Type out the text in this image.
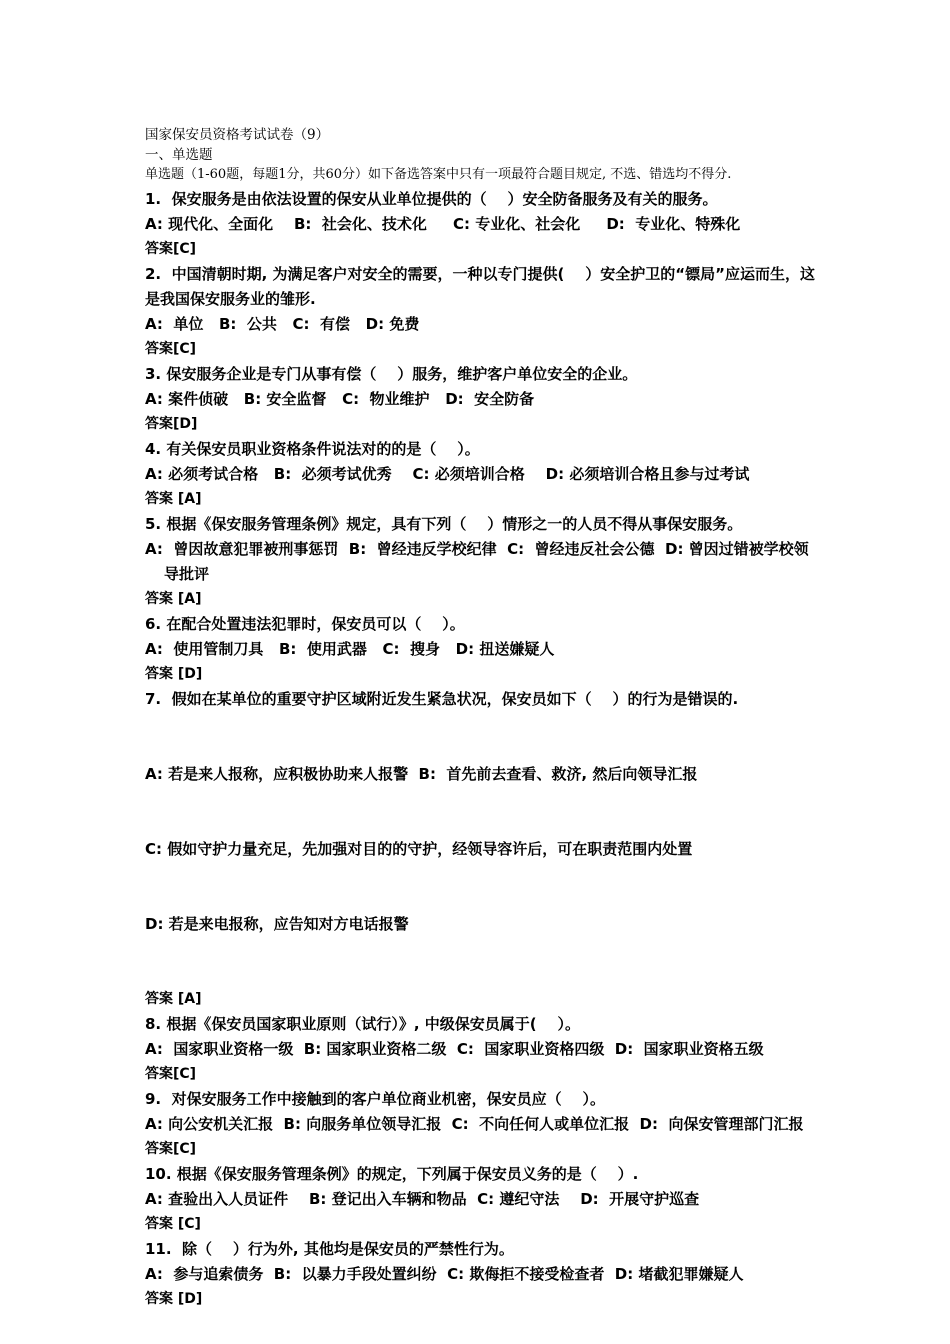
国家保安员资格考试试卷（9）

一、单选题

单选题（1-60题，每题1分，共60分）如下备选答案中只有一项最符合题目规定, 不选、错选均不得分.

1.  保安服务是由依法设置的保安从业单位提供的（    ）安全防备服务及有关的服务。

A: 现代化、全面化    B:  社会化、技术化     C: 专业化、社会化     D:  专业化、特殊化

答案[C]

2.  中国清朝时期, 为满足客户对安全的需要，一种以专门提供(    ）安全护卫的“镖局”应运而生，这是我国保安服务业的雏形.

A:  单位   B:  公共   C:  有偿   D: 免费

答案[C]

3. 保安服务企业是专门从事有偿（    ）服务，维护客户单位安全的企业。

A: 案件侦破   B: 安全监督   C:  物业维护   D:  安全防备

答案[D]

4. 有关保安员职业资格条件说法对的的是（    ）。

A: 必须考试合格   B:  必须考试优秀    C: 必须培训合格    D: 必须培训合格且参与过考试

答案 [A]

5. 根据《保安服务管理条例》规定，具有下列（    ）情形之一的人员不得从事保安服务。

A:  曾因故意犯罪被刑事惩罚  B:  曾经违反学校纪律  C:  曾经违反社会公德  D: 曾因过错被学校领导批评

答案 [A]

6. 在配合处置违法犯罪时，保安员可以（    ）。

A:  使用管制刀具   B:  使用武器   C:  搜身   D: 扭送嫌疑人

答案 [D]

7.  假如在某单位的重要守护区域附近发生紧急状况，保安员如下（    ）的行为是错误的.

A: 若是来人报称，应积极协助来人报警  B:  首先前去查看、救济, 然后向领导汇报

C: 假如守护力量充足，先加强对目的的守护，经领导容许后，可在职责范围内处置

D: 若是来电报称，应告知对方电话报警

答案 [A]

8. 根据《保安员国家职业原则（试行）》, 中级保安员属于(    ）。

A:  国家职业资格一级  B: 国家职业资格二级  C:  国家职业资格四级  D:  国家职业资格五级

答案[C]

9.  对保安服务工作中接触到的客户单位商业机密，保安员应（    ）。

A: 向公安机关汇报  B: 向服务单位领导汇报  C:  不向任何人或单位汇报  D:  向保安管理部门汇报

答案[C]

10. 根据《保安服务管理条例》的规定，下列属于保安员义务的是（    ）.

A: 查验出入人员证件    B: 登记出入车辆和物品  C: 遵纪守法    D:  开展守护巡查

答案 [C]

11.  除（    ）行为外, 其他均是保安员的严禁性行为。

A:  参与追索债务  B:  以暴力手段处置纠纷  C: 欺侮拒不接受检查者  D: 堵截犯罪嫌疑人

答案 [D]
